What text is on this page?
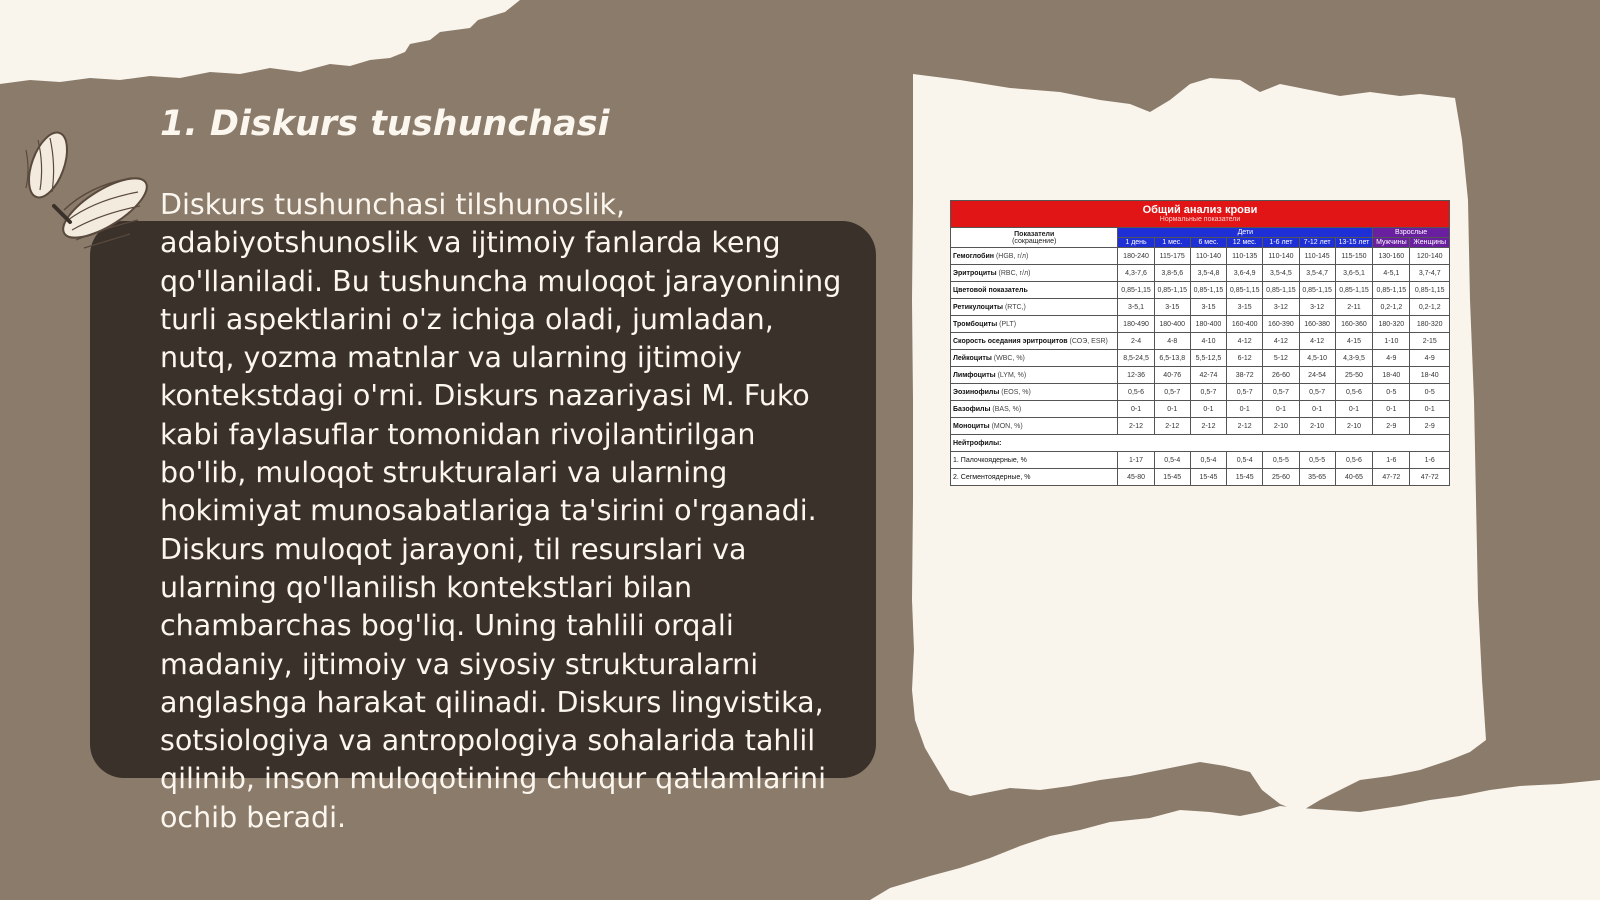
1. Diskurs tushunchasi

Diskurs tushunchasi tilshunoslik, adabiyotshunoslik va ijtimoiy fanlarda keng qo'llaniladi. Bu tushuncha muloqot jarayonining turli aspektlarini o'z ichiga oladi, jumladan, nutq, yozma matnlar va ularning ijtimoiy kontekstdagi o'rni. Diskurs nazariyasi M. Fuko kabi faylasuflar tomonidan rivojlantirilgan bo'lib, muloqot strukturalari va ularning hokimiyat munosabatlariga ta'sirini o'rganadi. Diskurs muloqot jarayoni, til resurslari va ularning qo'llanilish kontekstlari bilan chambarchas bog'liq. Uning tahlili orqali madaniy, ijtimoiy va siyosiy strukturalarni anglashga harakat qilinadi. Diskurs lingvistika, sotsiologiya va antropologiya sohalarida tahlil qilinib, inson muloqotining chuqur qatlamlarini ochib beradi.

Общий анализ крови
Нормальные показатели									

Показатели
(сокращение)	Дети							Взрослые	
	1 день	1 мес.	6 мес.	12 мес.	1-6 лет	7-12 лет	13-15 лет	Мужчины	Женщины
Гемоглобин (HGB, г/л)	180-240	115-175	110-140	110-135	110-140	110-145	115-150	130-160	120-140
Эритроциты (RBC, г/л)	4,3-7,6	3,8-5,6	3,5-4,8	3,6-4,9	3,5-4,5	3,5-4,7	3,6-5,1	4-5,1	3,7-4,7
Цветовой показатель	0,85-1,15	0,85-1,15	0,85-1,15	0,85-1,15	0,85-1,15	0,85-1,15	0,85-1,15	0,85-1,15	0,85-1,15
Ретикулоциты (RTC,)	3-5,1	3-15	3-15	3-15	3-12	3-12	2-11	0,2-1,2	0,2-1,2
Тромбоциты (PLT)	180-490	180-400	180-400	160-400	160-390	160-380	160-360	180-320	180-320
Скорость оседания эритроцитов (СОЭ, ESR)	2-4	4-8	4-10	4-12	4-12	4-12	4-15	1-10	2-15
Лейкоциты (WBC, %)	8,5-24,5	6,5-13,8	5,5-12,5	6-12	5-12	4,5-10	4,3-9,5	4-9	4-9
Лимфоциты (LYM, %)	12-36	40-76	42-74	38-72	26-60	24-54	25-50	18-40	18-40
Эозинофилы (EOS, %)	0,5-6	0,5-7	0,5-7	0,5-7	0,5-7	0,5-7	0,5-6	0-5	0-5
Базофилы (BAS, %)	0-1	0-1	0-1	0-1	0-1	0-1	0-1	0-1	0-1
Моноциты (MON, %)	2-12	2-12	2-12	2-12	2-10	2-10	2-10	2-9	2-9
Нейтрофилы:									
1. Палочкоядерные, %	1-17	0,5-4	0,5-4	0,5-4	0,5-5	0,5-5	0,5-6	1-6	1-6
2. Сегментоядерные, %	45-80	15-45	15-45	15-45	25-60	35-65	40-65	47-72	47-72
